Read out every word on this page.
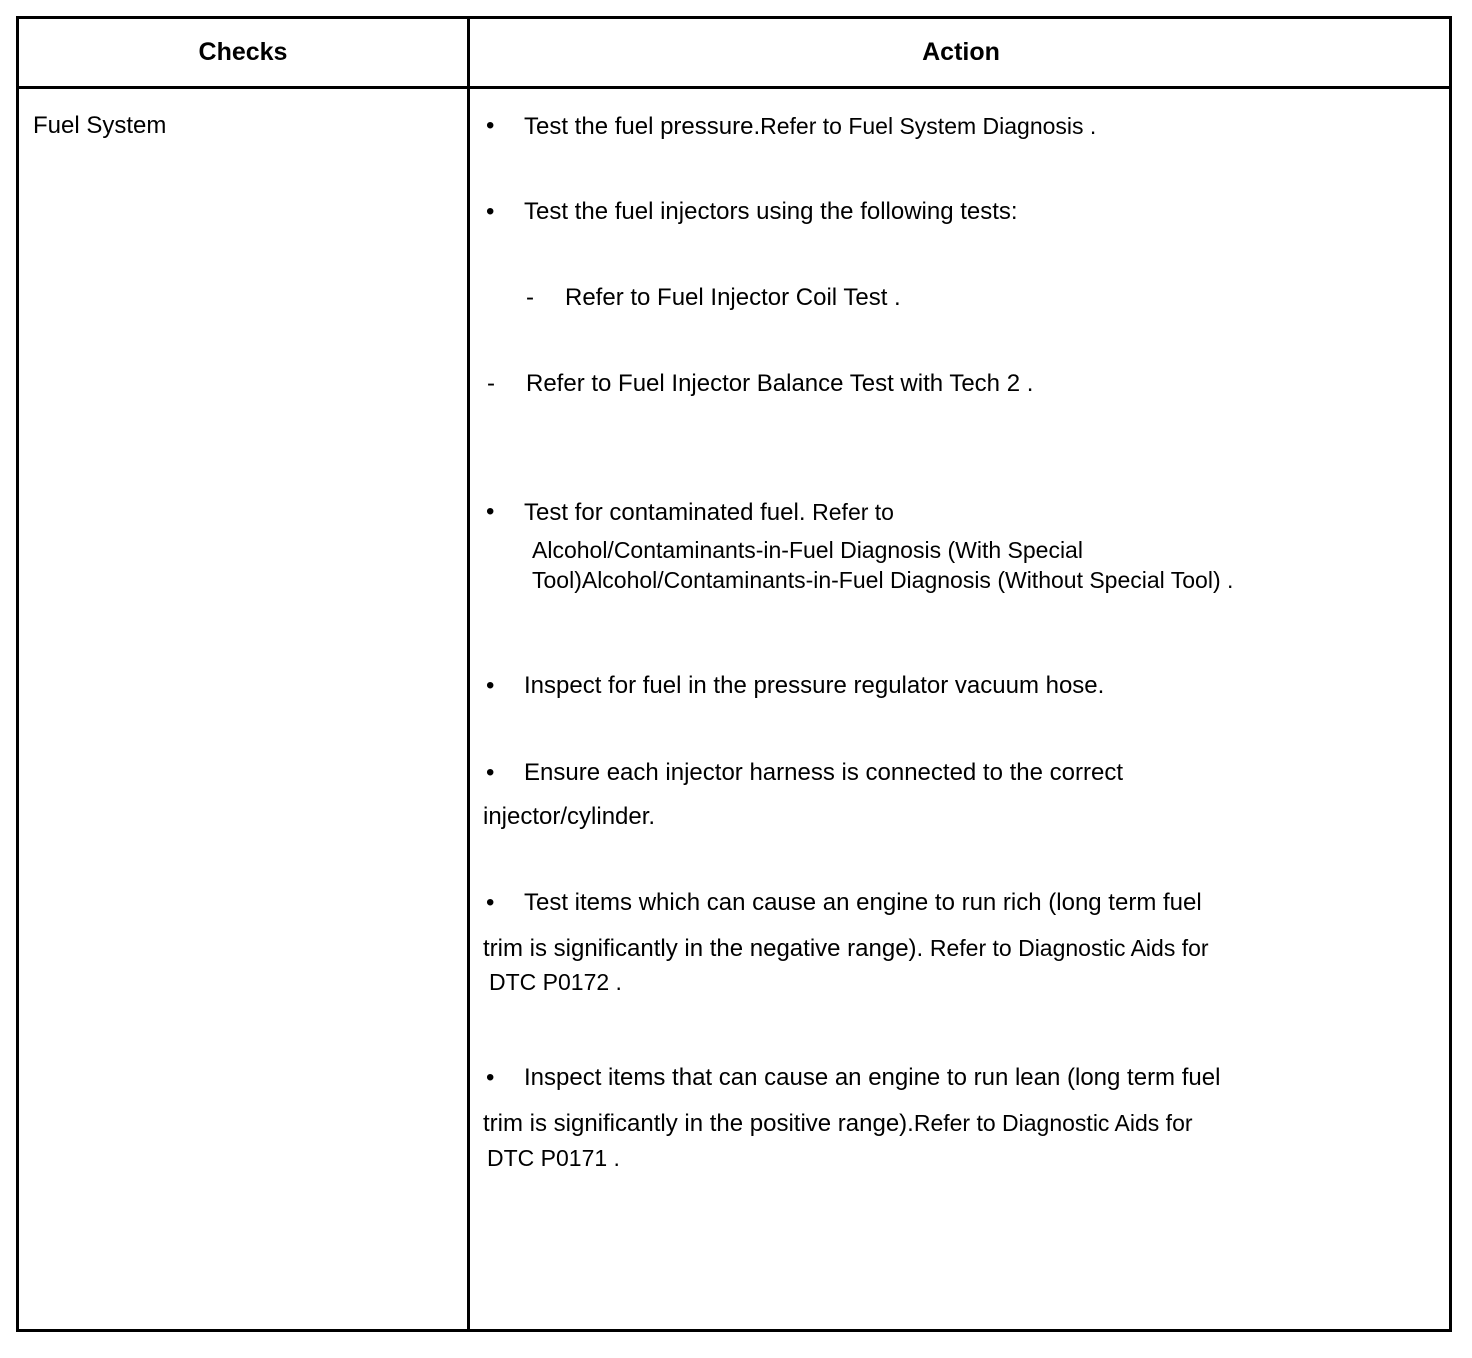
Checks	Action
Fuel System	• Test the fuel pressure.Refer to Fuel System Diagnosis .
• Test the fuel injectors using the following tests:
- Refer to Fuel Injector Coil Test .
- Refer to Fuel Injector Balance Test with Tech 2 .
• Test for contaminated fuel. Refer to
Alcohol/Contaminants-in-Fuel Diagnosis (With Special
Tool)Alcohol/Contaminants-in-Fuel Diagnosis (Without Special Tool) .
• Inspect for fuel in the pressure regulator vacuum hose.
• Ensure each injector harness is connected to the correct
injector/cylinder.
• Test items which can cause an engine to run rich (long term fuel
trim is significantly in the negative range). Refer to Diagnostic Aids for
DTC P0172 .
• Inspect items that can cause an engine to run lean (long term fuel
trim is significantly in the positive range).Refer to Diagnostic Aids for
DTC P0171 .
